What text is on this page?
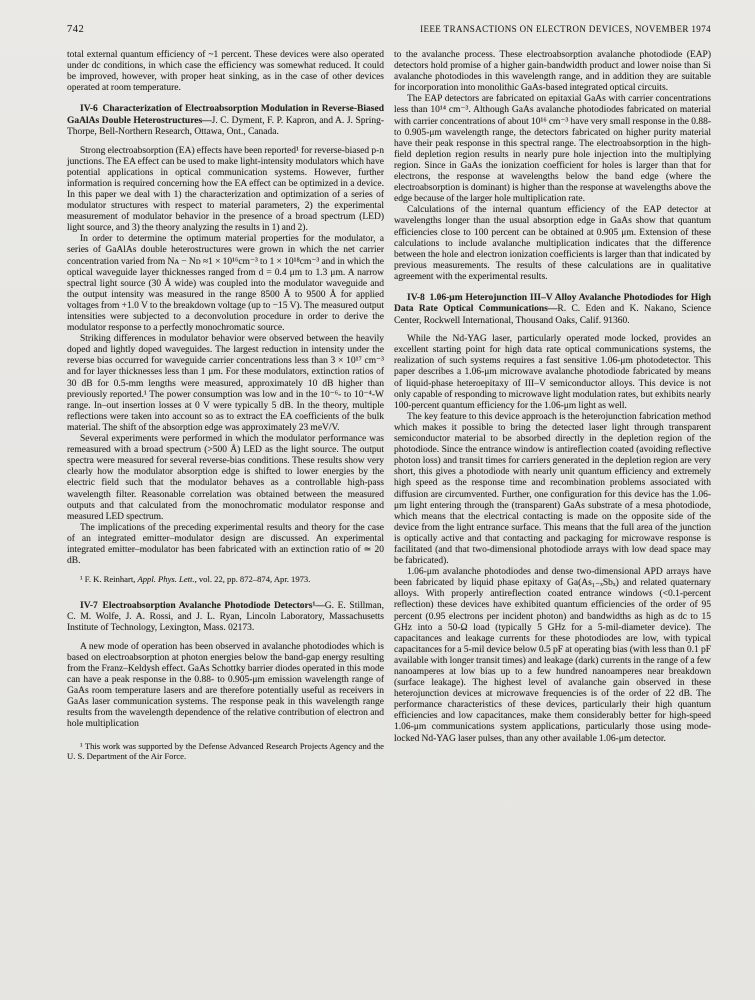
742	IEEE TRANSACTIONS ON ELECTRON DEVICES, NOVEMBER 1974

total external quantum efficiency of ~1 percent. These devices were also operated under dc conditions, in which case the efficiency was somewhat reduced. It could be improved, however, with proper heat sinking, as in the case of other devices operated at room temperature.

IV-6 Characterization of Electroabsorption Modulation in Reverse-Biased GaAlAs Double Heterostructures—J. C. Dyment, F. P. Kapron, and A. J. Spring-Thorpe, Bell-Northern Research, Ottawa, Ont., Canada.

Strong electroabsorption (EA) effects have been reported¹ for reverse-biased p-n junctions. The EA effect can be used to make light-intensity modulators which have potential applications in optical communication systems. However, further information is required concerning how the EA effect can be optimized in a device. In this paper we deal with 1) the characterization and optimization of a series of modulator structures with respect to material parameters, 2) the experimental measurement of modulator behavior in the presence of a broad spectrum (LED) light source, and 3) the theory analyzing the results in 1) and 2).

In order to determine the optimum material properties for the modulator, a series of GaAlAs double heterostructures were grown in which the net carrier concentration varied from Nᴀ − Nᴅ ≈1 × 10¹⁶cm⁻³ to 1 × 10¹⁸cm⁻³ and in which the optical waveguide layer thicknesses ranged from d = 0.4 μm to 1.3 μm. A narrow spectral light source (30 Å wide) was coupled into the modulator waveguide and the output intensity was measured in the range 8500 Å to 9500 Å for applied voltages from +1.0 V to the breakdown voltage (up to −15 V). The measured output intensities were subjected to a deconvolution procedure in order to derive the modulator response to a perfectly monochromatic source.

Striking differences in modulator behavior were observed between the heavily doped and lightly doped waveguides. The largest reduction in intensity under the reverse bias occurred for waveguide carrier concentrations less than 3 × 10¹⁷ cm⁻³ and for layer thicknesses less than 1 μm. For these modulators, extinction ratios of 30 dB for 0.5-mm lengths were measured, approximately 10 dB higher than previously reported.¹ The power consumption was low and in the 10⁻⁶- to 10⁻⁴-W range. In–out insertion losses at 0 V were typically 5 dB. In the theory, multiple reflections were taken into account so as to extract the EA coefficients of the bulk material. The shift of the absorption edge was approximately 23 meV/V.

Several experiments were performed in which the modulator performance was remeasured with a broad spectrum (>500 Å) LED as the light source. The output spectra were measured for several reverse-bias conditions. These results show very clearly how the modulator absorption edge is shifted to lower energies by the electric field such that the modulator behaves as a controllable high-pass wavelength filter. Reasonable correlation was obtained between the measured outputs and that calculated from the monochromatic modulator response and measured LED spectrum.

The implications of the preceding experimental results and theory for the case of an integrated emitter–modulator design are discussed. An experimental integrated emitter–modulator has been fabricated with an extinction ratio of ≃ 20 dB.

¹ F. K. Reinhart, Appl. Phys. Lett., vol. 22, pp. 872–874, Apr. 1973.

IV-7 Electroabsorption Avalanche Photodiode Detectors¹—G. E. Stillman, C. M. Wolfe, J. A. Rossi, and J. L. Ryan, Lincoln Laboratory, Massachusetts Institute of Technology, Lexington, Mass. 02173.

A new mode of operation has been observed in avalanche photodiodes which is based on electroabsorption at photon energies below the band-gap energy resulting from the Franz–Keldysh effect. GaAs Schottky barrier diodes operated in this mode can have a peak response in the 0.88- to 0.905-μm emission wavelength range of GaAs room temperature lasers and are therefore potentially useful as receivers in GaAs laser communication systems. The response peak in this wavelength range results from the wavelength dependence of the relative contribution of electron and hole multiplication

¹ This work was supported by the Defense Advanced Research Projects Agency and the U. S. Department of the Air Force.

to the avalanche process. These electroabsorption avalanche photodiode (EAP) detectors hold promise of a higher gain-bandwidth product and lower noise than Si avalanche photodiodes in this wavelength range, and in addition they are suitable for incorporation into monolithic GaAs-based integrated optical circuits.

The EAP detectors are fabricated on epitaxial GaAs with carrier concentrations less than 10¹⁴ cm⁻³. Although GaAs avalanche photodiodes fabricated on material with carrier concentrations of about 10¹⁶ cm⁻³ have very small response in the 0.88- to 0.905-μm wavelength range, the detectors fabricated on higher purity material have their peak response in this spectral range. The electroabsorption in the high-field depletion region results in nearly pure hole injection into the multiplying region. Since in GaAs the ionization coefficient for holes is larger than that for electrons, the response at wavelengths below the band edge (where the electroabsorption is dominant) is higher than the response at wavelengths above the edge because of the larger hole multiplication rate.

Calculations of the internal quantum efficiency of the EAP detector at wavelengths longer than the usual absorption edge in GaAs show that quantum efficiencies close to 100 percent can be obtained at 0.905 μm. Extension of these calculations to include avalanche multiplication indicates that the difference between the hole and electron ionization coefficients is larger than that indicated by previous measurements. The results of these calculations are in qualitative agreement with the experimental results.

IV-8 1.06-μm Heterojunction III–V Alloy Avalanche Photodiodes for High Data Rate Optical Communications—R. C. Eden and K. Nakano, Science Center, Rockwell International, Thousand Oaks, Calif. 91360.

While the Nd-YAG laser, particularly operated mode locked, provides an excellent starting point for high data rate optical communications systems, the realization of such systems requires a fast sensitive 1.06-μm photodetector. This paper describes a 1.06-μm microwave avalanche photodiode fabricated by means of liquid-phase heteroepitaxy of III–V semiconductor alloys. This device is not only capable of responding to microwave light modulation rates, but exhibits nearly 100-percent quantum efficiency for the 1.06-μm light as well.

The key feature to this device approach is the heterojunction fabrication method which makes it possible to bring the detected laser light through transparent semiconductor material to be absorbed directly in the depletion region of the photodiode. Since the entrance window is antireflection coated (avoiding reflective photon loss) and transit times for carriers generated in the depletion region are very short, this gives a photodiode with nearly unit quantum efficiency and extremely high speed as the response time and recombination problems associated with diffusion are circumvented. Further, one configuration for this device has the 1.06-μm light entering through the (transparent) GaAs substrate of a mesa photodiode, which means that the electrical contacting is made on the opposite side of the device from the light entrance surface. This means that the full area of the junction is optically active and that contacting and packaging for microwave response is facilitated (and that two-dimensional photodiode arrays with low dead space may be fabricated).

1.06-μm avalanche photodiodes and dense two-dimensional APD arrays have been fabricated by liquid phase epitaxy of Ga(As₁₋ₓSbₓ) and related quaternary alloys. With properly antireflection coated entrance windows (<0.1-percent reflection) these devices have exhibited quantum efficiencies of the order of 95 percent (0.95 electrons per incident photon) and bandwidths as high as dc to 15 GHz into a 50-Ω load (typically 5 GHz for a 5-mil-diameter device). The capacitances and leakage currents for these photodiodes are low, with typical capacitances for a 5-mil device below 0.5 pF at operating bias (with less than 0.1 pF available with longer transit times) and leakage (dark) currents in the range of a few nanoamperes at low bias up to a few hundred nanoamperes near breakdown (surface leakage). The highest level of avalanche gain observed in these heterojunction devices at microwave frequencies is of the order of 22 dB. The performance characteristics of these devices, particularly their high quantum efficiencies and low capacitances, make them considerably better for high-speed 1.06-μm communications system applications, particularly those using mode-locked Nd-YAG laser pulses, than any other available 1.06-μm detector.
